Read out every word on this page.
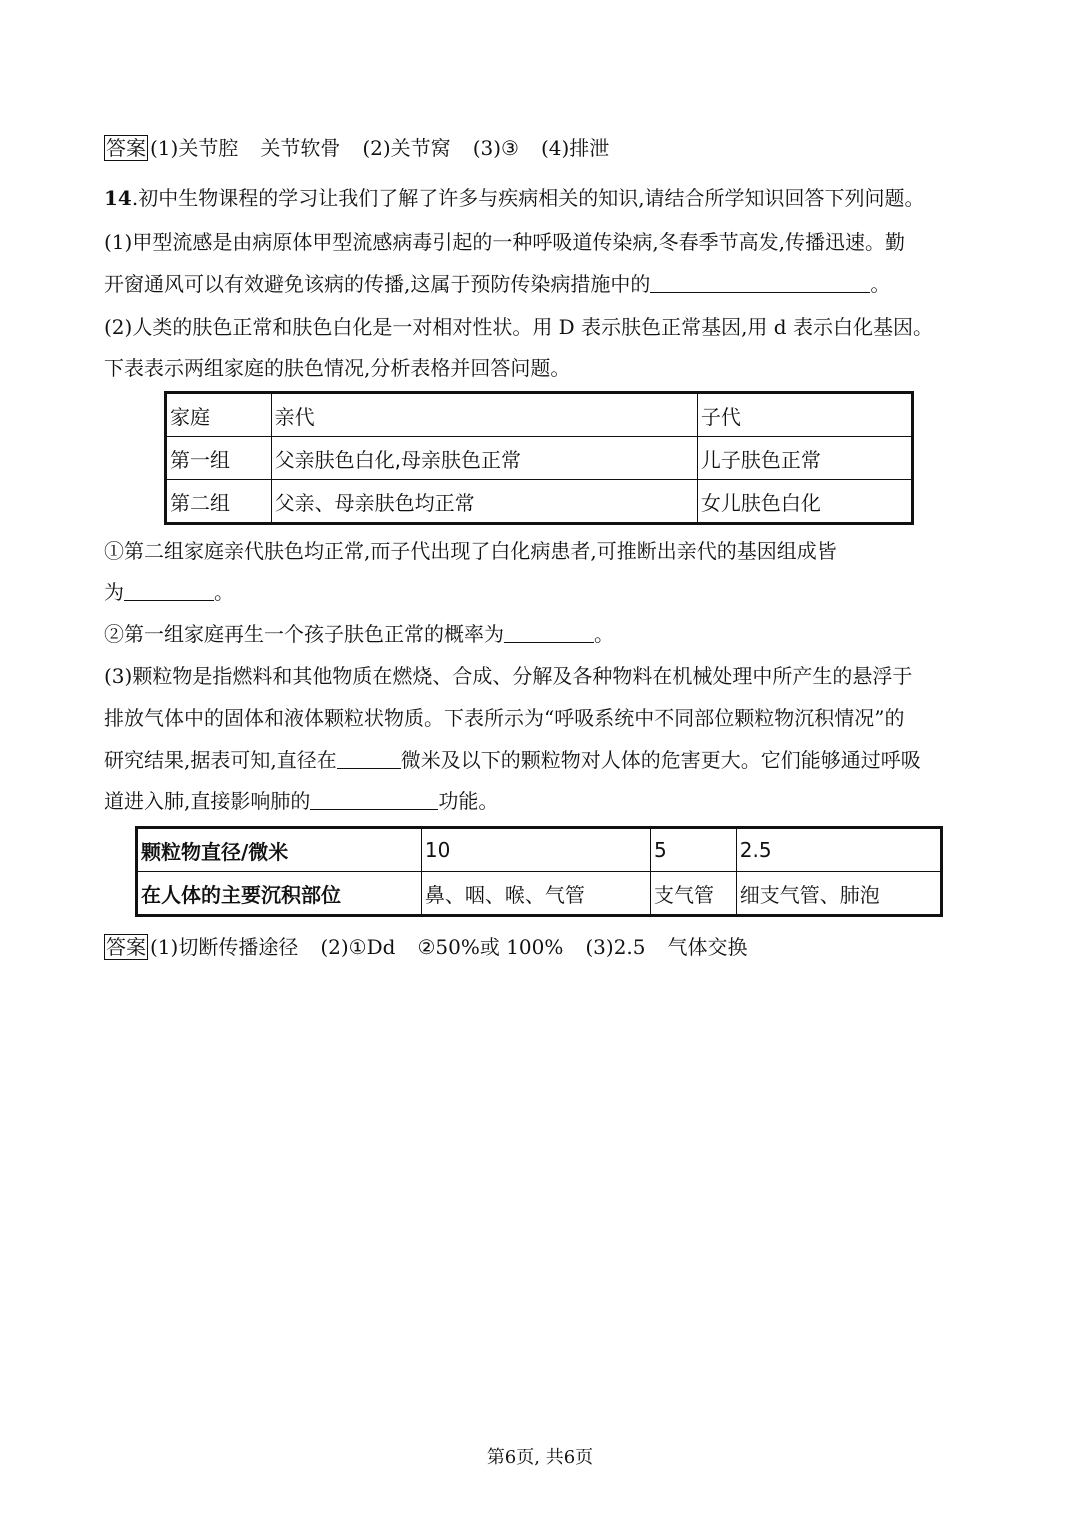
答案 (1)关节腔 关节软骨 (2)关节窝 (3)③ (4)排泄
14.初中生物课程的学习让我们了解了许多与疾病相关的知识,请结合所学知识回答下列问题。
(1)甲型流感是由病原体甲型流感病毒引起的一种呼吸道传染病,冬春季节高发,传播迅速。勤
开窗通风可以有效避免该病的传播,这属于预防传染病措施中的	。
(2)人类的肤色正常和肤色白化是一对相对性状。用 D 表示肤色正常基因,用 d 表示白化基因。
下表表示两组家庭的肤色情况,分析表格并回答问题。
家庭	亲代	子代
第一组	父亲肤色白化,母亲肤色正常	儿子肤色正常
第二组	父亲、母亲肤色均正常	女儿肤色白化
①第二组家庭亲代肤色均正常,而子代出现了白化病患者,可推断出亲代的基因组成皆
为	。
②第一组家庭再生一个孩子肤色正常的概率为	。
(3)颗粒物是指燃料和其他物质在燃烧、合成、分解及各种物料在机械处理中所产生的悬浮于
排放气体中的固体和液体颗粒状物质。下表所示为“呼吸系统中不同部位颗粒物沉积情况”的
研究结果,据表可知,直径在	微米及以下的颗粒物对人体的危害更大。它们能够通过呼吸
道进入肺,直接影响肺的	功能。
颗粒物直径/微米	10	5	2.5
在人体的主要沉积部位	鼻、咽、喉、气管	支气管	细支气管、肺泡
答案 (1)切断传播途径 (2)①Dd ②50%或 100% (3)2.5 气体交换
第6页, 共6页
